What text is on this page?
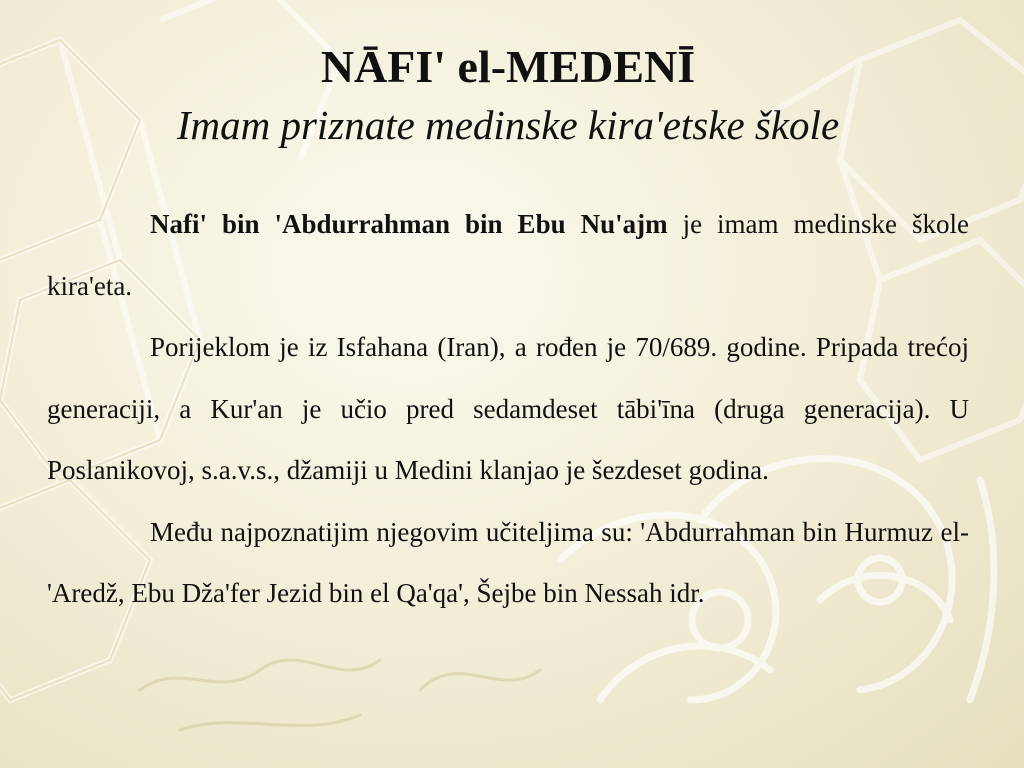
NĀFI' el-MEDENĪ
Imam priznate medinske kira'etske škole

Nafi' bin 'Abdurrahman bin Ebu Nu'ajm je imam medinske škole kira'eta.

Porijeklom je iz Isfahana (Iran), a rođen je 70/689. godine. Pripada trećoj generaciji, a Kur'an je učio pred sedamdeset tābi'īna (druga generacija). U Poslanikovoj, s.a.v.s., džamiji u Medini klanjao je šezdeset godina.

Među najpoznatijim njegovim učiteljima su: 'Abdurrahman bin Hurmuz el-'Aredž, Ebu Dža'fer Jezid bin el Qa'qa', Šejbe bin Nessah idr.
